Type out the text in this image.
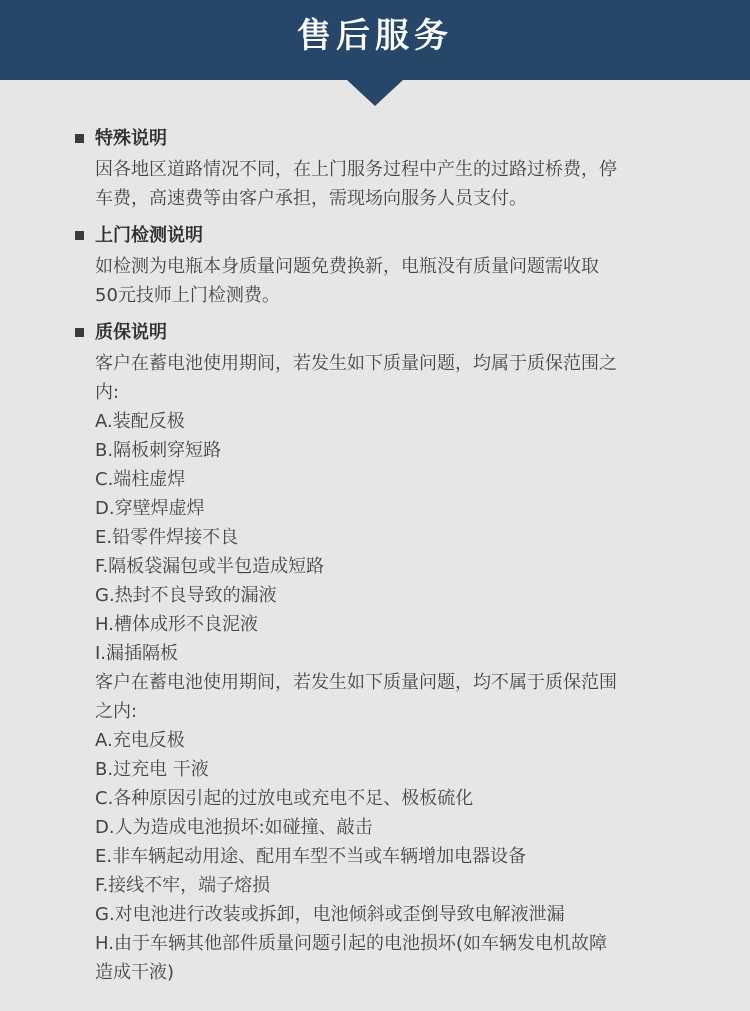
售后服务
特殊说明
因各地区道路情况不同，在上门服务过程中产生的过路过桥费，停
车费，高速费等由客户承担，需现场向服务人员支付。
上门检测说明
如检测为电瓶本身质量问题免费换新，电瓶没有质量问题需收取
50元技师上门检测费。
质保说明
客户在蓄电池使用期间，若发生如下质量问题，均属于质保范围之
内:
A.装配反极
B.隔板刺穿短路
C.端柱虚焊
D.穿壁焊虚焊
E.铅零件焊接不良
F.隔板袋漏包或半包造成短路
G.热封不良导致的漏液
H.槽体成形不良泥液
I.漏插隔板
客户在蓄电池使用期间，若发生如下质量问题，均不属于质保范围
之内:
A.充电反极
B.过充电 干液
C.各种原因引起的过放电或充电不足、极板硫化
D.人为造成电池损坏:如碰撞、敲击
E.非车辆起动用途、配用车型不当或车辆增加电器设备
F.接线不牢，端子熔损
G.对电池进行改装或拆卸，电池倾斜或歪倒导致电解液泄漏
H.由于车辆其他部件质量问题引起的电池损坏(如车辆发电机故障
造成干液)
